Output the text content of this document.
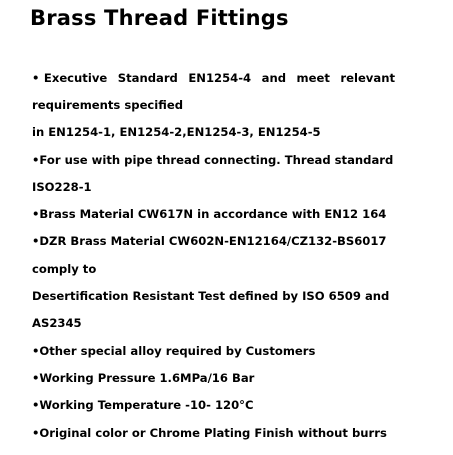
Brass Thread Fittings
• Executive Standard EN1254-4 and meet relevant
requirements specified
in EN1254-1, EN1254-2,EN1254-3, EN1254-5
•For use with pipe thread connecting. Thread standard
ISO228-1
•Brass Material CW617N in accordance with EN12 164
•DZR Brass Material CW602N-EN12164/CZ132-BS6017
comply to
Desertification Resistant Test defined by ISO 6509 and
AS2345
•Other special alloy required by Customers
•Working Pressure 1.6MPa/16 Bar
•Working Temperature -10- 120°C
•Original color or Chrome Plating Finish without burrs
